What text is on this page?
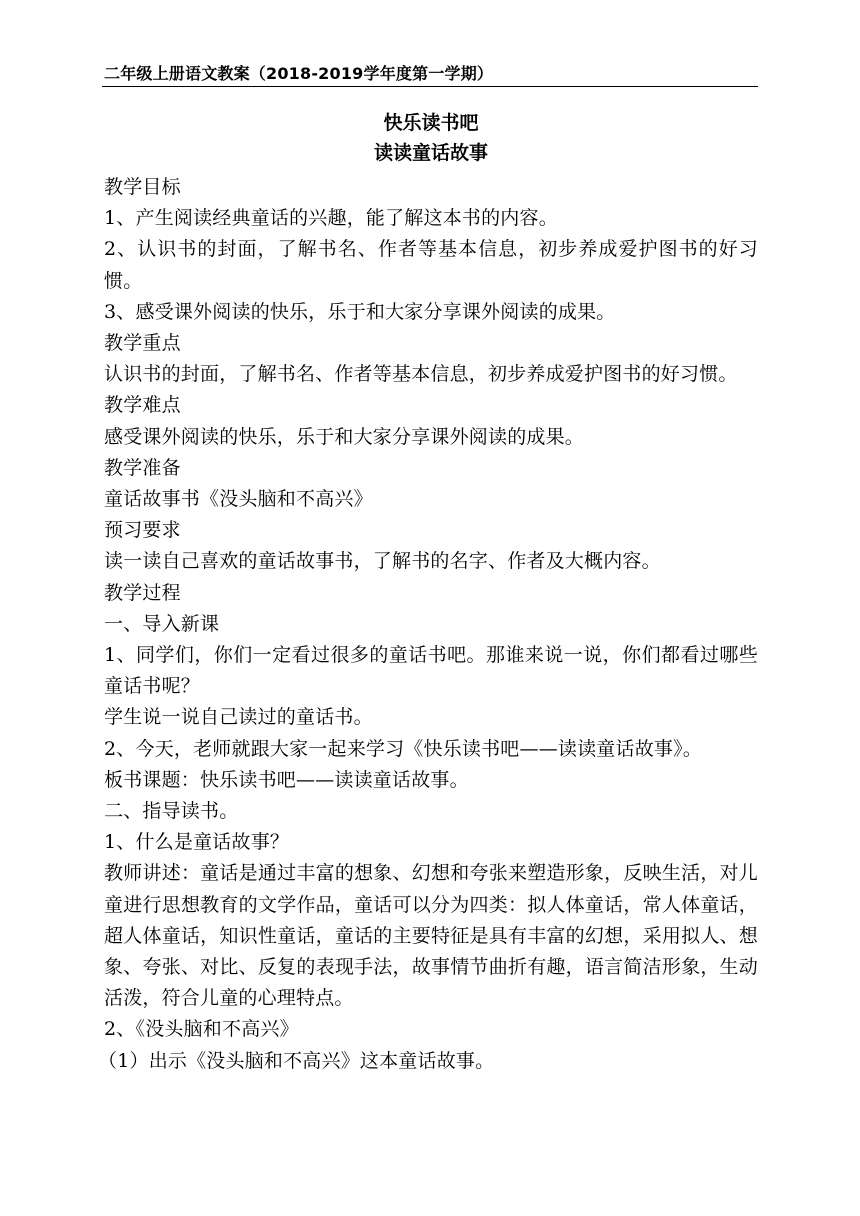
二年级上册语文教案（2018-2019学年度第一学期）
快乐读书吧
读读童话故事
教学目标
1、产生阅读经典童话的兴趣，能了解这本书的内容。
2、认识书的封面，了解书名、作者等基本信息，初步养成爱护图书的好习惯。
3、感受课外阅读的快乐，乐于和大家分享课外阅读的成果。
教学重点
认识书的封面，了解书名、作者等基本信息，初步养成爱护图书的好习惯。
教学难点
感受课外阅读的快乐，乐于和大家分享课外阅读的成果。
教学准备
童话故事书《没头脑和不高兴》
预习要求
读一读自己喜欢的童话故事书，了解书的名字、作者及大概内容。
教学过程
一、导入新课
1、同学们，你们一定看过很多的童话书吧。那谁来说一说，你们都看过哪些童话书呢？
学生说一说自己读过的童话书。
2、今天，老师就跟大家一起来学习《快乐读书吧——读读童话故事》。
板书课题：快乐读书吧——读读童话故事。
二、指导读书。
1、什么是童话故事？
教师讲述：童话是通过丰富的想象、幻想和夸张来塑造形象，反映生活，对儿童进行思想教育的文学作品，童话可以分为四类：拟人体童话，常人体童话，超人体童话，知识性童话，童话的主要特征是具有丰富的幻想，采用拟人、想象、夸张、对比、反复的表现手法，故事情节曲折有趣，语言简洁形象，生动活泼，符合儿童的心理特点。
2、《没头脑和不高兴》
（1）出示《没头脑和不高兴》这本童话故事。
